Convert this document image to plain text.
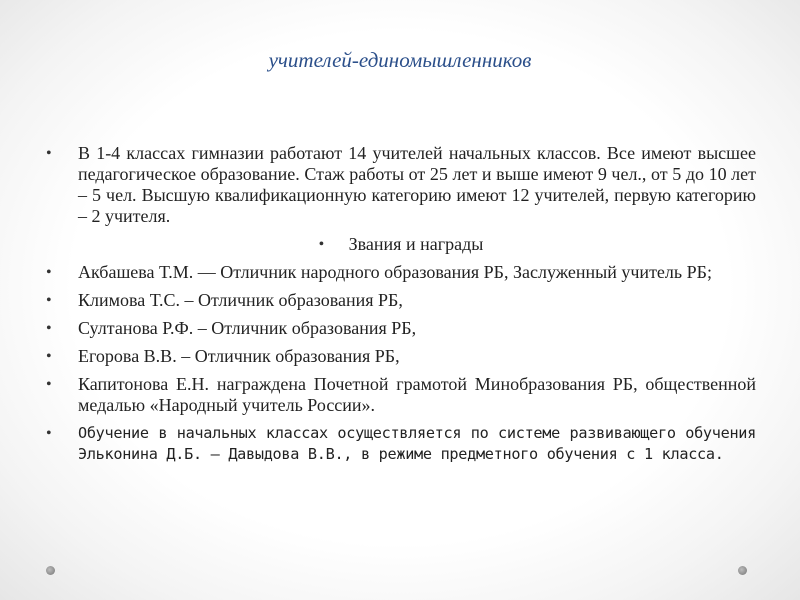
учителей-единомышленников
•	В 1-4 классах гимназии работают 14 учителей начальных классов. Все имеют высшее педагогическое образование. Стаж работы от 25 лет и выше имеют 9 чел., от 5 до 10 лет – 5 чел. Высшую квалификационную категорию имеют 12 учителей, первую категорию – 2 учителя.
•	Звания и награды
•	Акбашева Т.М. — Отличник народного образования РБ, Заслуженный учитель РБ;
•	Климова Т.С. – Отличник образования РБ,
•	Султанова Р.Ф. – Отличник образования РБ,
•	Егорова В.В. – Отличник образования РБ,
•	Капитонова Е.Н. награждена Почетной грамотой Минобразования РБ, общественной медалью «Народный учитель России».
•	Обучение в начальных классах осуществляется по системе развивающего обучения Эльконина Д.Б. – Давыдова В.В., в режиме предметного обучения с 1 класса.
